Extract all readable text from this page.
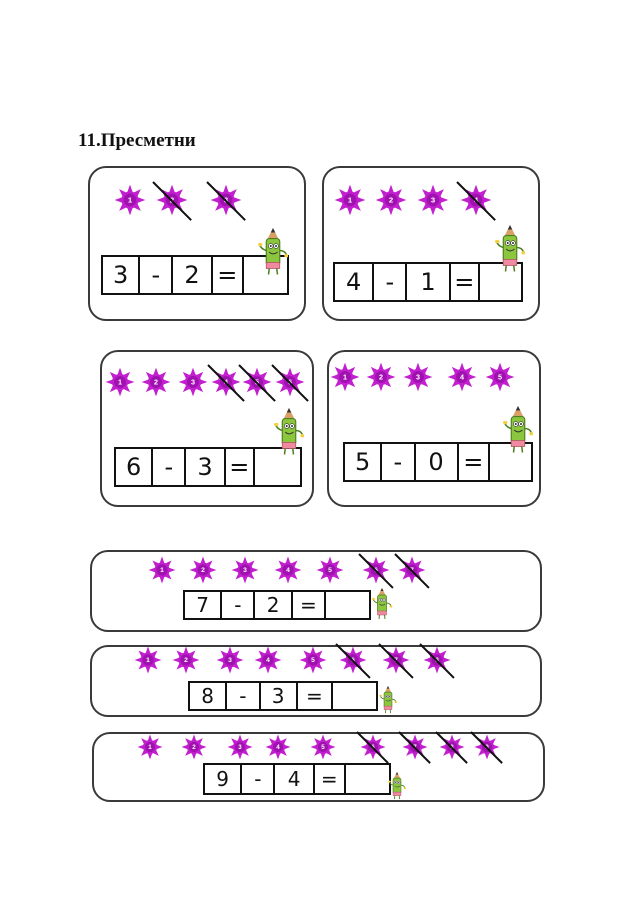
11.Пресметни
1
3 -	2 =
1 2 3
4	-	1 =
1 2 3
6 -	3 =
1 2 3 4 5
5 -	0 =
1 2 3 4 5
7	-	2	=
1 2 3 4 5
8	-	3	=
1 2 3 4 5
9	-	4	=
